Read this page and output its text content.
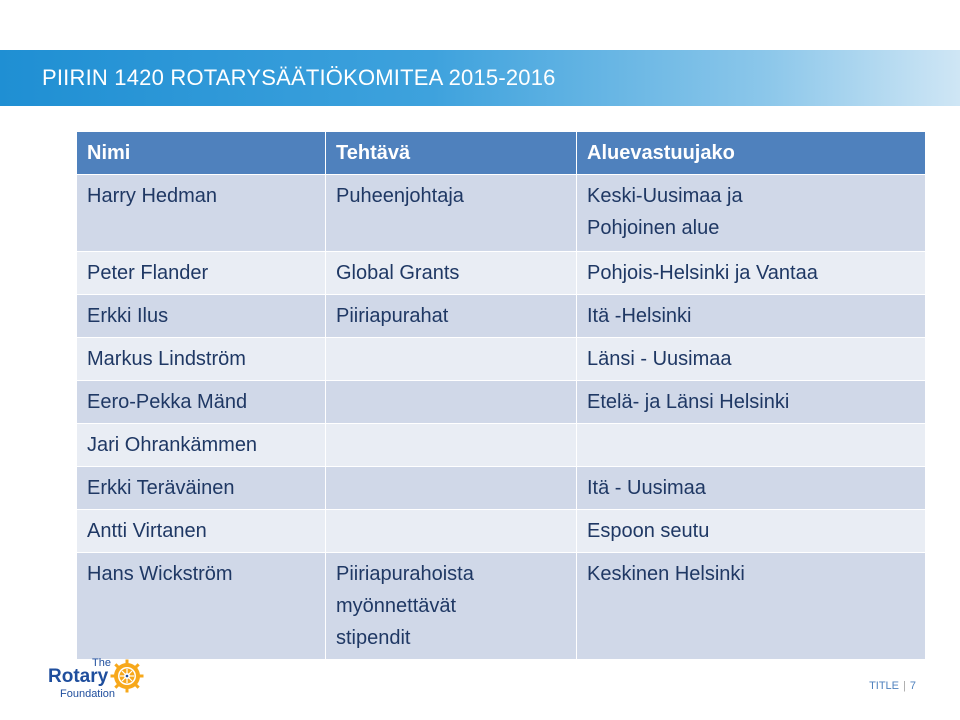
PIIRIN 1420 ROTARYSÄÄTIÖKOMITEA 2015-2016
Nimi	Tehtävä	Aluevastuujako

Harry Hedman	Puheenjohtaja	Keski-Uusimaa ja
Pohjoinen alue

Peter Flander	Global Grants	Pohjois-Helsinki ja Vantaa

Erkki Ilus	Piiriapurahat	Itä -Helsinki

Markus Lindström		Länsi - Uusimaa

Eero-Pekka Mänd		Etelä- ja Länsi Helsinki

Jari Ohrankämmen		

Erkki Teräväinen		Itä - Uusimaa

Antti Virtanen		Espoon seutu

Hans Wickström	Piiriapurahoista
myönnettävät
stipendit	Keskinen Helsinki
The
Rotary
Foundation
TITLE | 7
